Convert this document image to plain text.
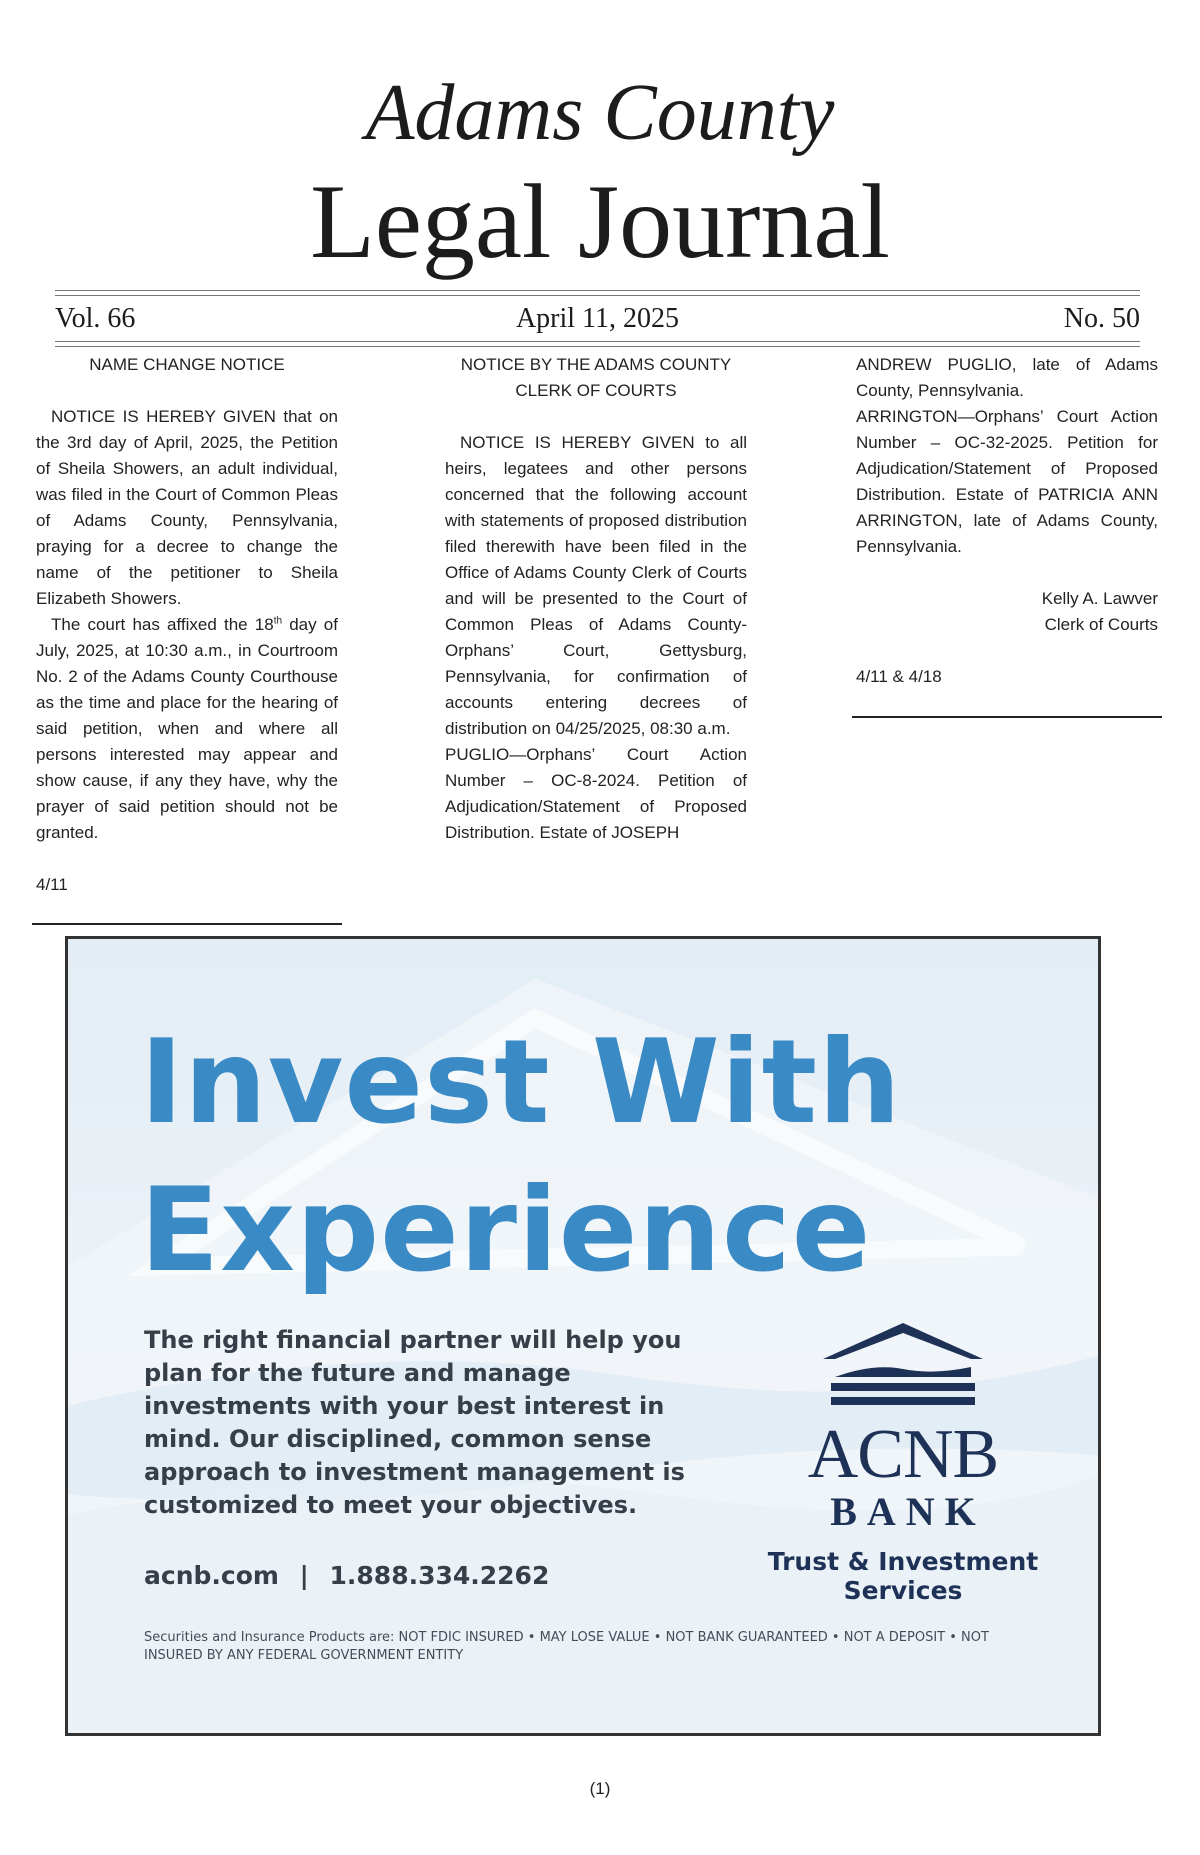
Adams County
Legal Journal
April 11, 2025
Vol. 66	No. 50

NAME CHANGE NOTICE

NOTICE IS HEREBY GIVEN that on the 3rd day of April, 2025, the Petition of Sheila Showers, an adult individual, was filed in the Court of Common Pleas of Adams County, Pennsylvania, praying for a decree to change the name of the petitioner to Sheila Elizabeth Showers.

The court has affixed the 18th day of July, 2025, at 10:30 a.m., in Courtroom No. 2 of the Adams County Courthouse as the time and place for the hearing of said petition, when and where all persons interested may appear and show cause, if any they have, why the prayer of said petition should not be granted.

4/11

NOTICE BY THE ADAMS COUNTY

CLERK OF COURTS

NOTICE IS HEREBY GIVEN to all heirs, legatees and other persons concerned that the following account with statements of proposed distribution filed therewith have been filed in the Office of Adams County Clerk of Courts and will be presented to the Court of Common Pleas of Adams County-Orphans’ Court, Gettysburg, Pennsylvania, for confirmation of accounts entering decrees of distribution on 04/25/2025, 08:30 a.m.

PUGLIO—Orphans’ Court Action Number – OC-8-2024. Petition of Adjudication/Statement of Proposed Distribution. Estate of JOSEPH

ANDREW PUGLIO, late of Adams County, Pennsylvania.

ARRINGTON—Orphans’ Court Action Number – OC-32-2025. Petition for Adjudication/Statement of Proposed Distribution. Estate of PATRICIA ANN ARRINGTON, late of Adams County, Pennsylvania.

Kelly A. Lawver

Clerk of Courts

4/11 & 4/18

Invest With
Experience
The right financial partner will help you plan for the future and manage investments with your best interest in mind. Our disciplined, common sense approach to investment management is customized to meet your objectives.
acnb.com | 1.888.334.2262
Securities and Insurance Products are: NOT FDIC INSURED • MAY LOSE VALUE • NOT BANK GUARANTEED • NOT A DEPOSIT • NOT INSURED BY ANY FEDERAL GOVERNMENT ENTITY
ACNB
BANK
Trust & Investment
Services
(1)
